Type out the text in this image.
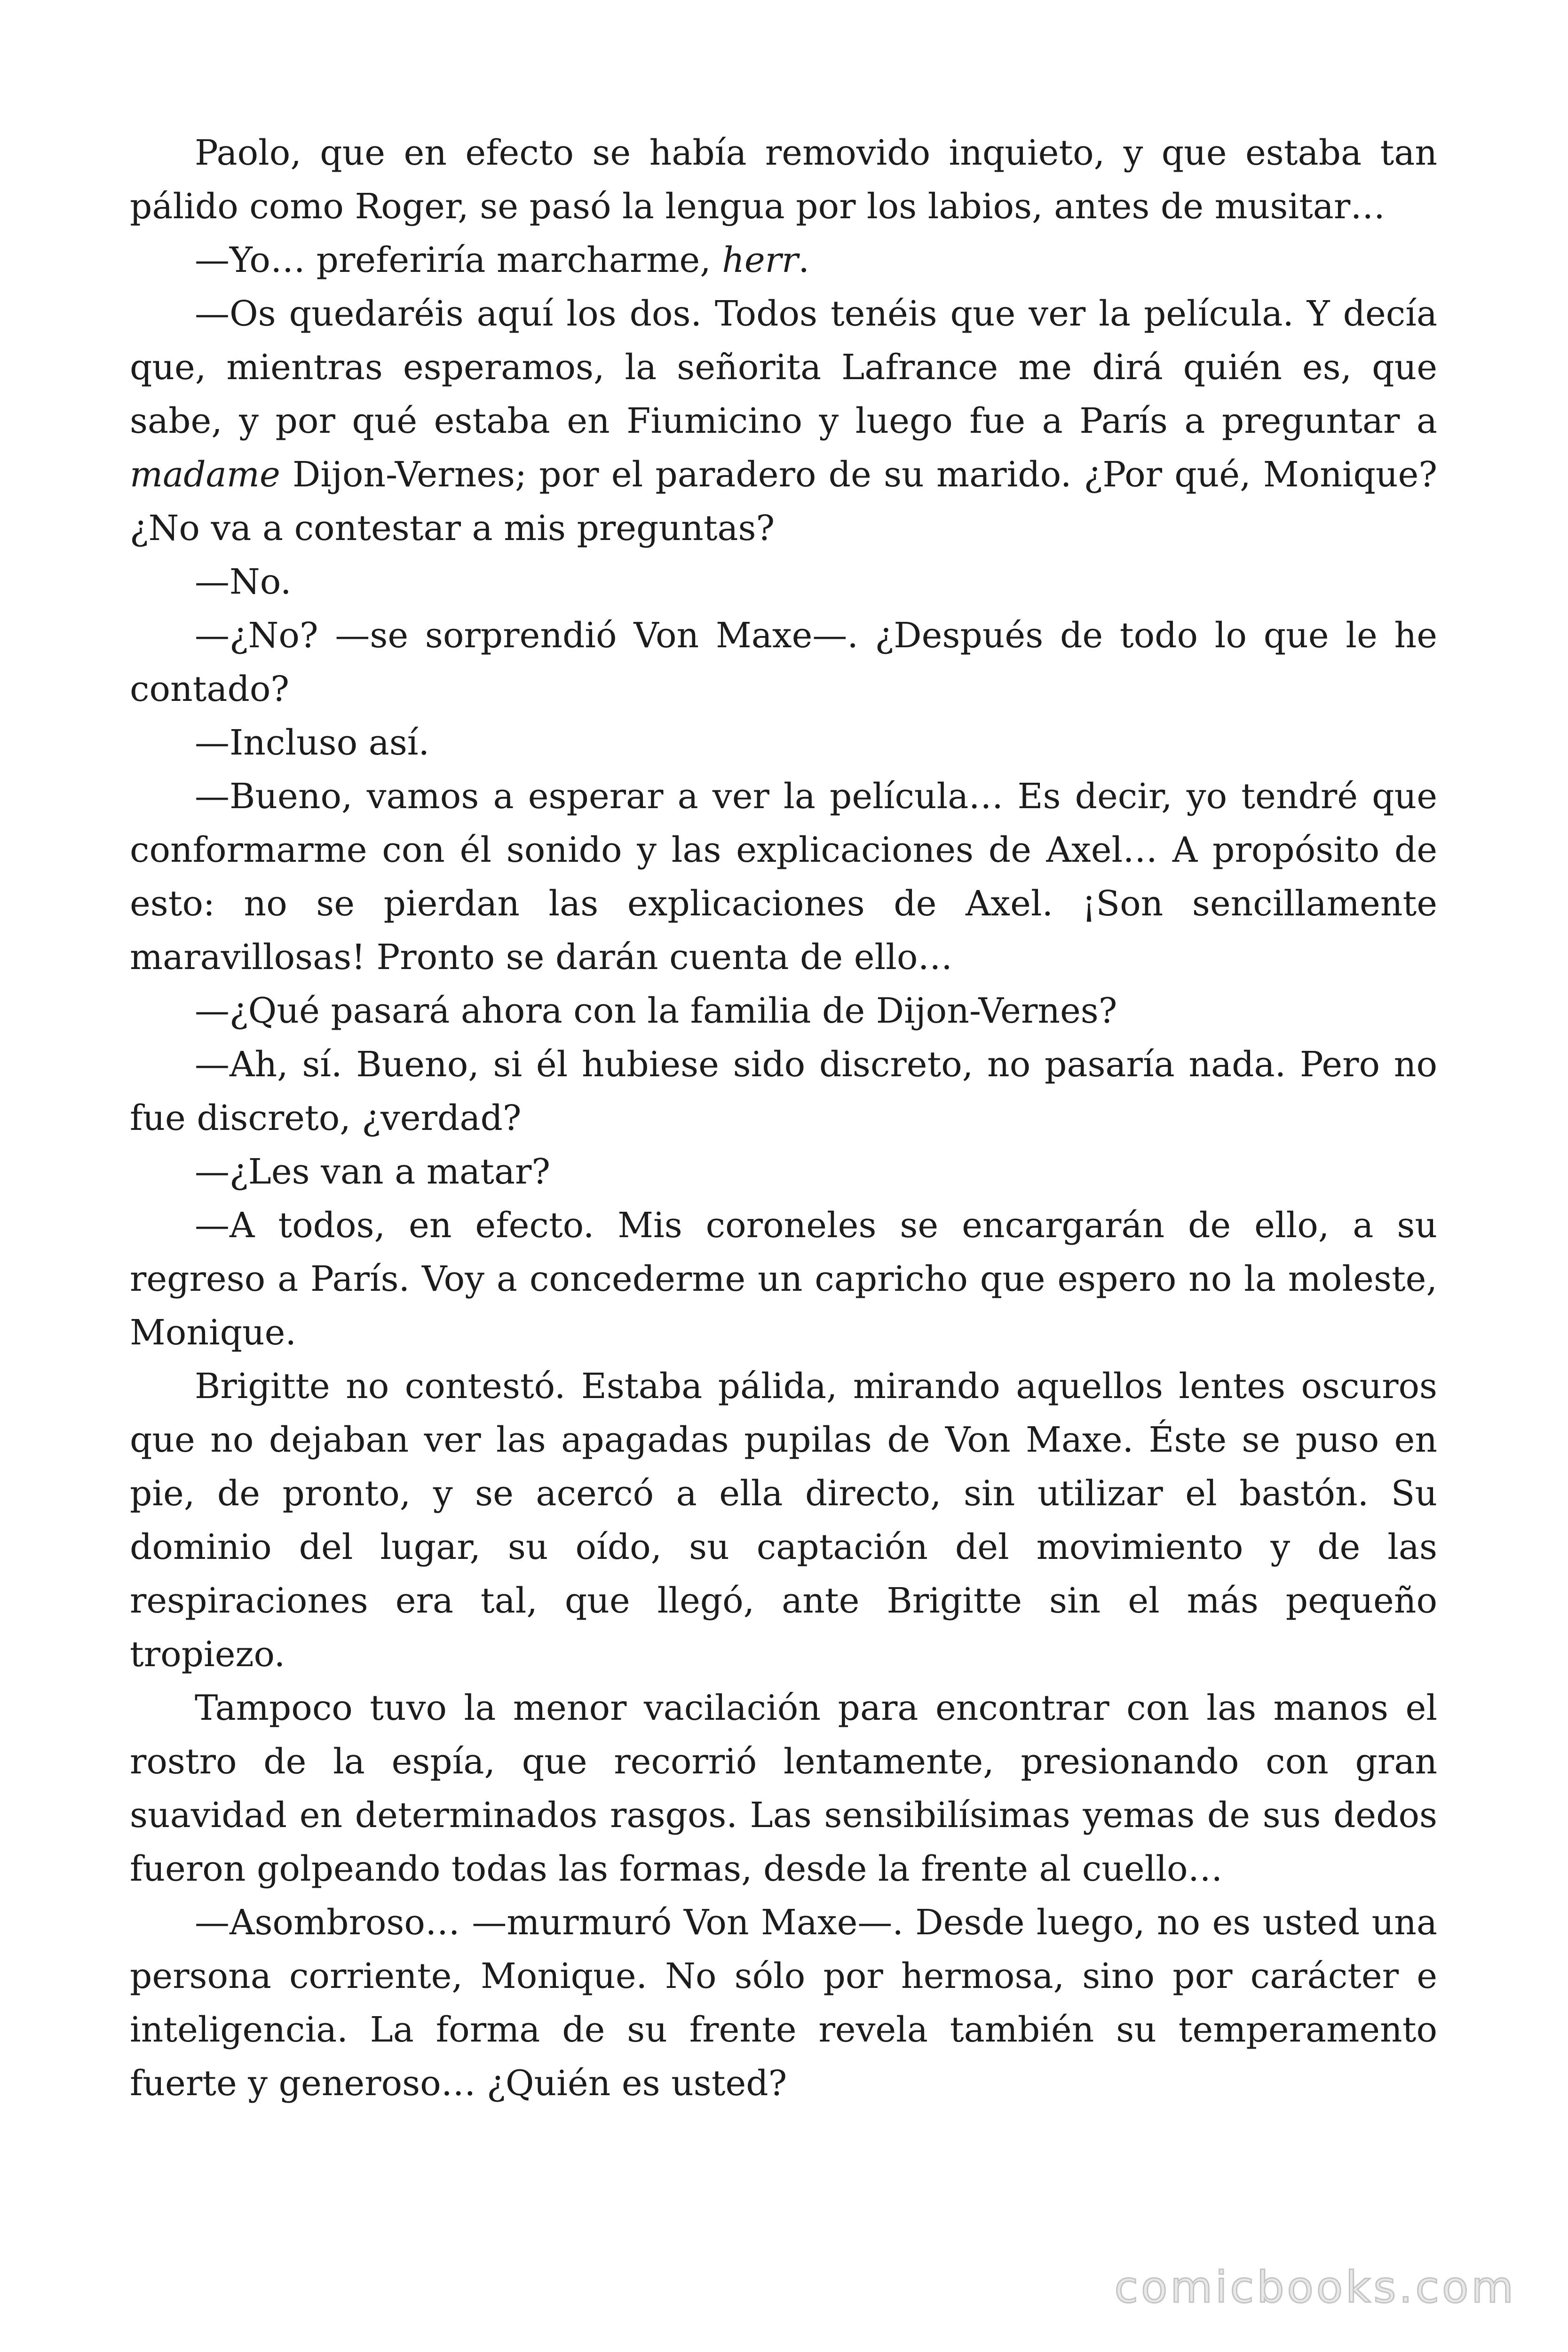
Paolo, que en efecto se había removido inquieto, y que estaba tan pálido como Roger, se pasó la lengua por los labios, antes de musitar…

—Yo… preferiría marcharme, herr.

—Os quedaréis aquí los dos. Todos tenéis que ver la película. Y decía que, mientras esperamos, la señorita Lafrance me dirá quién es, que sabe, y por qué estaba en Fiumicino y luego fue a París a preguntar a madame Dijon-Vernes; por el paradero de su marido. ¿Por qué, Monique? ¿No va a contestar a mis preguntas?

—No.

—¿No? —se sorprendió Von Maxe—. ¿Después de todo lo que le he contado?

—Incluso así.

—Bueno, vamos a esperar a ver la película… Es decir, yo tendré que conformarme con él sonido y las explicaciones de Axel… A propósito de esto: no se pierdan las explicaciones de Axel. ¡Son sencillamente maravillosas! Pronto se darán cuenta de ello…

—¿Qué pasará ahora con la familia de Dijon-Vernes?

—Ah, sí. Bueno, si él hubiese sido discreto, no pasaría nada. Pero no fue discreto, ¿verdad?

—¿Les van a matar?

—A todos, en efecto. Mis coroneles se encargarán de ello, a su regreso a París. Voy a concederme un capricho que espero no la moleste, Monique.

Brigitte no contestó. Estaba pálida, mirando aquellos lentes oscuros que no dejaban ver las apagadas pupilas de Von Maxe. Éste se puso en pie, de pronto, y se acercó a ella directo, sin utilizar el bastón. Su dominio del lugar, su oído, su captación del movimiento y de las respiraciones era tal, que llegó, ante Brigitte sin el más pequeño tropiezo.

Tampoco tuvo la menor vacilación para encontrar con las manos el rostro de la espía, que recorrió lentamente, presionando con gran suavidad en determinados rasgos. Las sensibilísimas yemas de sus dedos fueron golpeando todas las formas, desde la frente al cuello…

—Asombroso… —murmuró Von Maxe—. Desde luego, no es usted una persona corriente, Monique. No sólo por hermosa, sino por carácter e inteligencia. La forma de su frente revela también su temperamento fuerte y generoso… ¿Quién es usted?

comicbooks.com
